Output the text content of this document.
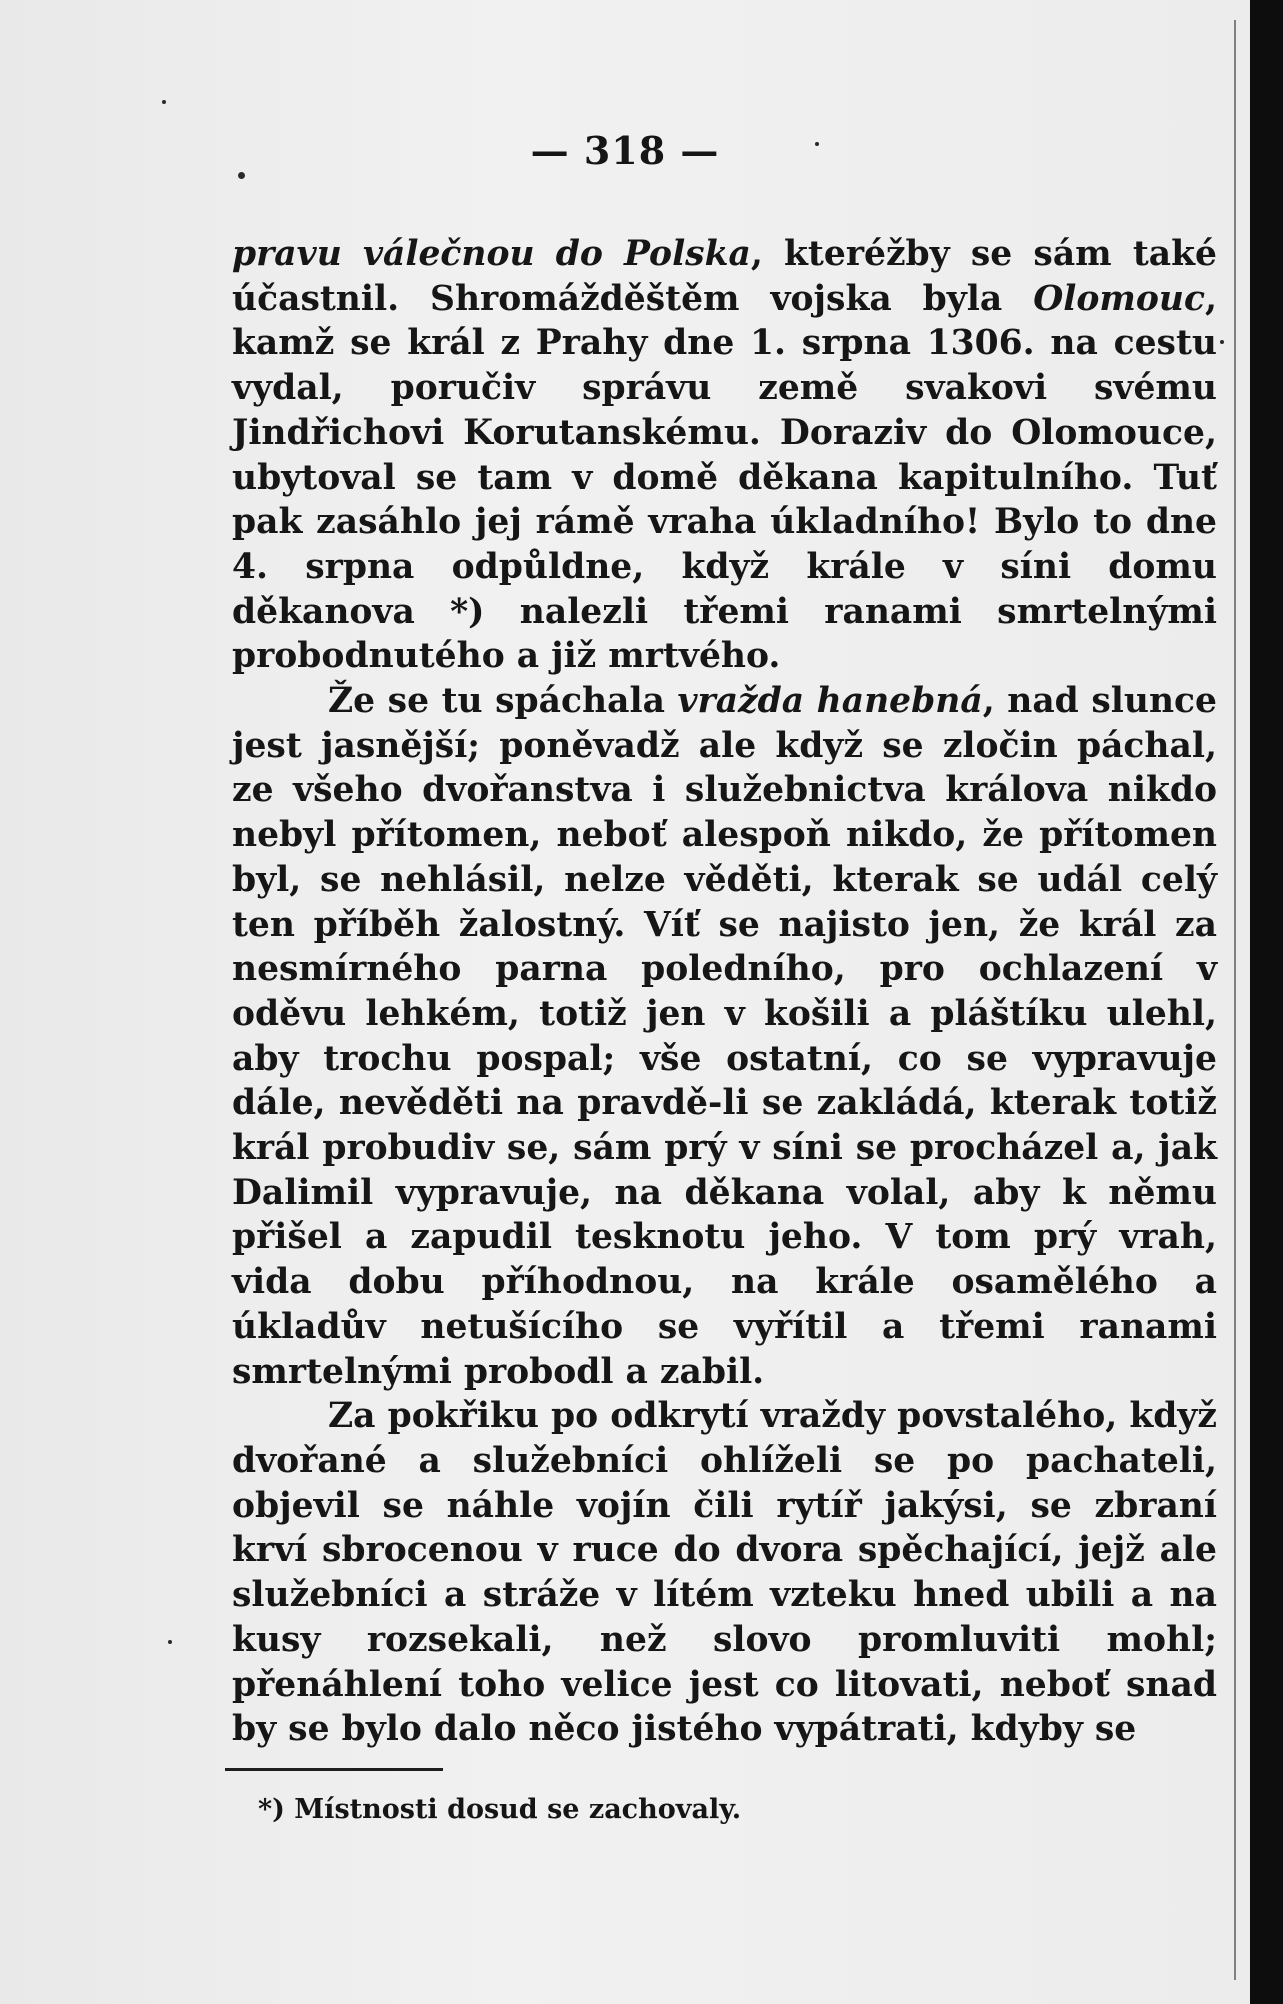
— 318 —

pravu válečnou do Polska, kteréžby se sám také účastnil. Shromážděštěm vojska byla Olomouc, kamž se král z Prahy dne 1. srpna 1306. na cestu vydal, poručiv správu země svakovi svému Jindřichovi Korutanskému. Doraziv do Olomouce, ubytoval se tam v domě děkana kapitulního. Tuť pak zasáhlo jej rámě vraha úkladního! Bylo to dne 4. srpna odpůldne, když krále v síni domu děkanova *) nalezli třemi ranami smrtelnými probodnutého a již mrtvého.

Že se tu spáchala vražda hanebná, nad slunce jest jasnější; poněvadž ale když se zločin páchal, ze všeho dvořanstva i služebnictva králova nikdo nebyl přítomen, neboť alespoň nikdo, že přítomen byl, se nehlásil, nelze věděti, kterak se udál celý ten příběh žalostný. Víť se najisto jen, že král za nesmírného parna poledního, pro ochlazení v oděvu lehkém, totiž jen v košili a pláštíku ulehl, aby trochu pospal; vše ostatní, co se vypravuje dále, nevěděti na pravdě-li se zakládá, kterak totiž král probudiv se, sám prý v síni se procházel a, jak Dalimil vypravuje, na děkana volal, aby k němu přišel a zapudil tesknotu jeho. V tom prý vrah, vida dobu příhodnou, na krále osamělého a úkladův netušícího se vyřítil a třemi ranami smrtelnými probodl a zabil.

Za pokřiku po odkrytí vraždy povstalého, když dvořané a služebníci ohlíželi se po pachateli, objevil se náhle vojín čili rytíř jakýsi, se zbraní krví sbrocenou v ruce do dvora spěchající, jejž ale služebníci a stráže v lítém vzteku hned ubili a na kusy rozsekali, než slovo promluviti mohl; přenáhlení toho velice jest co litovati, neboť snad by se bylo dalo něco jistého vypátrati, kdyby se

*) Místnosti dosud se zachovaly.
